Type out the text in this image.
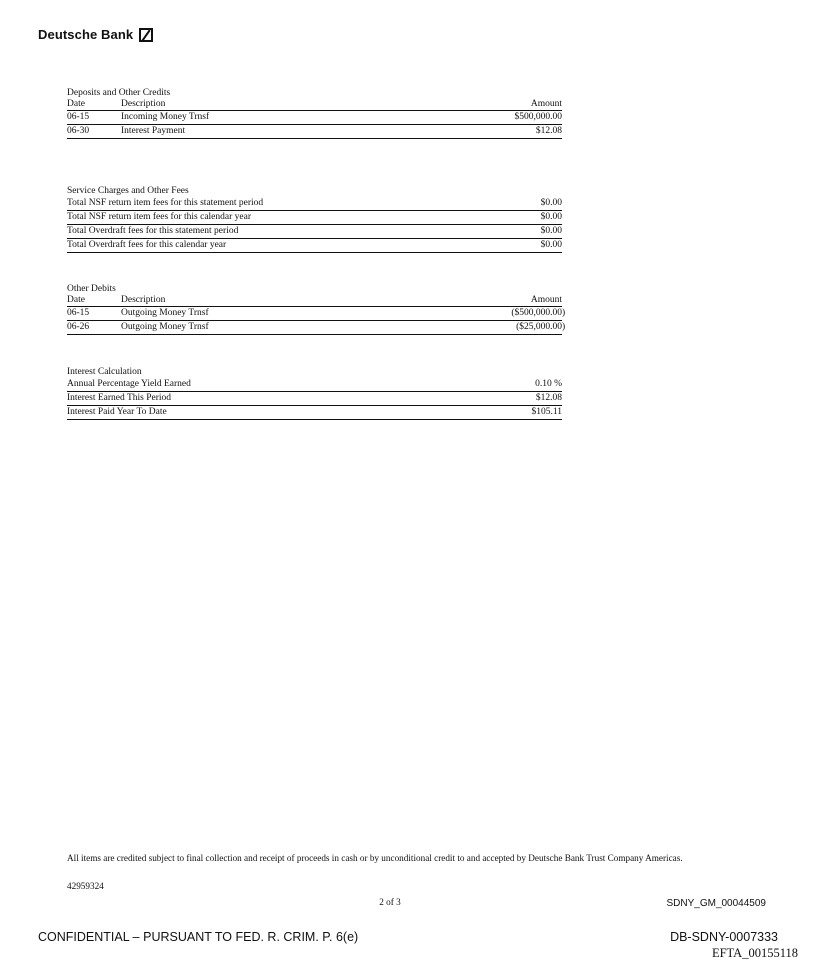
Deutsche Bank
Deposits and Other Credits
Date	Description	Amount
06-15	Incoming Money Trnsf	$500,000.00
06-30	Interest Payment	$12.08
Service Charges and Other Fees
Total NSF return item fees for this statement period	$0.00
Total NSF return item fees for this calendar year	$0.00
Total Overdraft fees for this statement period	$0.00
Total Overdraft fees for this calendar year	$0.00
Other Debits
Date	Description	Amount
06-15	Outgoing Money Trnsf	($500,000.00)
06-26	Outgoing Money Trnsf	($25,000.00)
Interest Calculation
Annual Percentage Yield Earned	0.10 %
Interest Earned This Period	$12.08
Interest Paid Year To Date	$105.11
All items are credited subject to final collection and receipt of proceeds in cash or by unconditional credit to and accepted by Deutsche Bank Trust Company Americas.
42959324
2 of 3	SDNY_GM_00044509
CONFIDENTIAL – PURSUANT TO FED. R. CRIM. P. 6(e)	DB-SDNY-0007333
EFTA_00155118
